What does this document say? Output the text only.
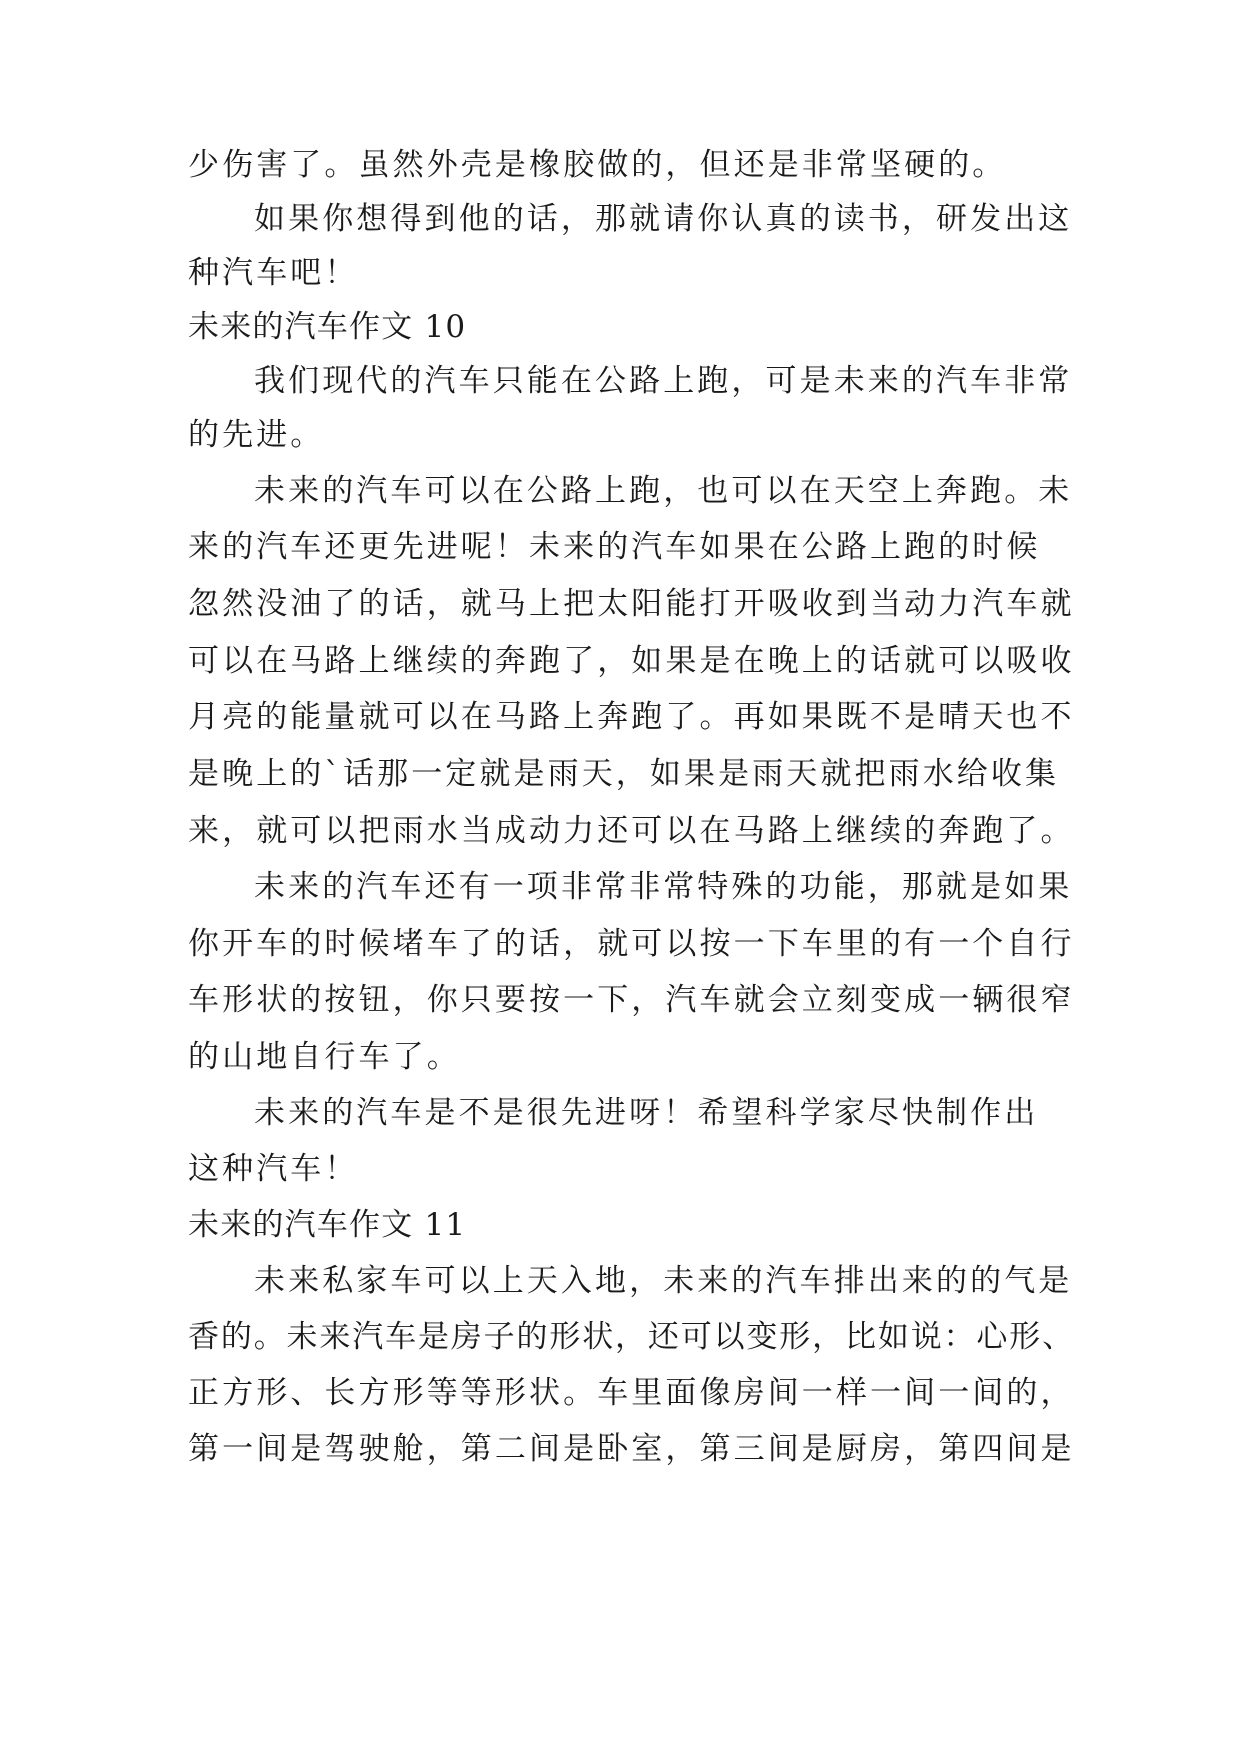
少伤害了。虽然外壳是橡胶做的，但还是非常坚硬的。
如果你想得到他的话，那就请你认真的读书，研发出这
种汽车吧！
未来的汽车作文 10
我们现代的汽车只能在公路上跑，可是未来的汽车非常
的先进。
未来的汽车可以在公路上跑，也可以在天空上奔跑。未
来的汽车还更先进呢！未来的汽车如果在公路上跑的时候
忽然没油了的话，就马上把太阳能打开吸收到当动力汽车就
可以在马路上继续的奔跑了，如果是在晚上的话就可以吸收
月亮的能量就可以在马路上奔跑了。再如果既不是晴天也不
是晚上的`话那一定就是雨天，如果是雨天就把雨水给收集
来，就可以把雨水当成动力还可以在马路上继续的奔跑了。
未来的汽车还有一项非常非常特殊的功能，那就是如果
你开车的时候堵车了的话，就可以按一下车里的有一个自行
车形状的按钮，你只要按一下，汽车就会立刻变成一辆很窄
的山地自行车了。
未来的汽车是不是很先进呀！希望科学家尽快制作出
这种汽车！
未来的汽车作文 11
未来私家车可以上天入地，未来的汽车排出来的的气是
香的。未来汽车是房子的形状，还可以变形，比如说：心形、
正方形、长方形等等形状。车里面像房间一样一间一间的，
第一间是驾驶舱，第二间是卧室，第三间是厨房，第四间是
